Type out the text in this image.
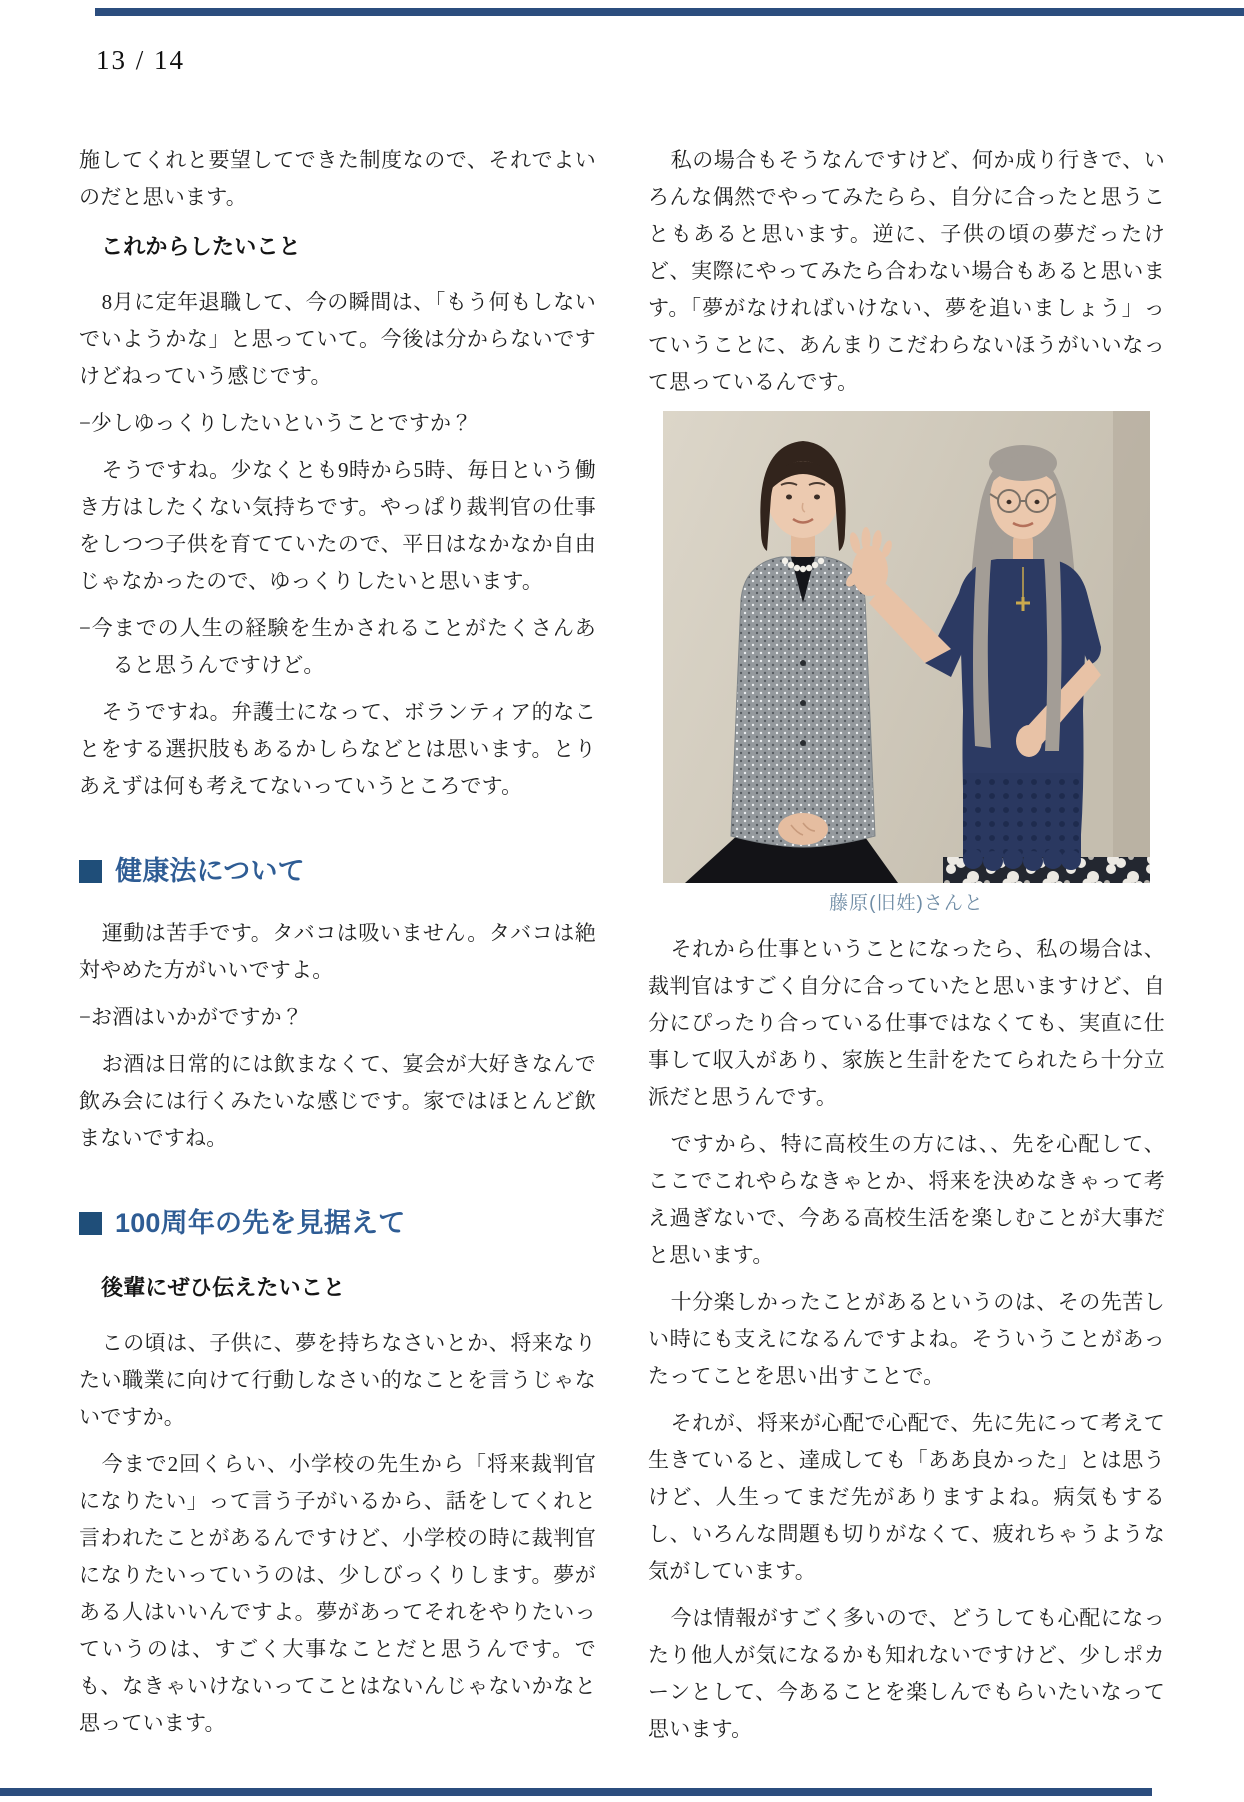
13 / 14

施してくれと要望してできた制度なので、それでよいのだと思います。

これからしたいこと

8月に定年退職して、今の瞬間は、「もう何もしないでいようかな」と思っていて。今後は分からないですけどねっていう感じです。

−少しゆっくりしたいということですか？

そうですね。少なくとも9時から5時、毎日という働き方はしたくない気持ちです。やっぱり裁判官の仕事をしつつ子供を育てていたので、平日はなかなか自由じゃなかったので、ゆっくりしたいと思います。

−今までの人生の経験を生かされることがたくさんあると思うんですけど。

そうですね。弁護士になって、ボランティア的なことをする選択肢もあるかしらなどとは思います。とりあえずは何も考えてないっていうところです。

健康法について

運動は苦手です。タバコは吸いません。タバコは絶対やめた方がいいですよ。

−お酒はいかがですか？

お酒は日常的には飲まなくて、宴会が大好きなんで飲み会には行くみたいな感じです。家ではほとんど飲まないですね。

100周年の先を見据えて
後輩にぜひ伝えたいこと

この頃は、子供に、夢を持ちなさいとか、将来なりたい職業に向けて行動しなさい的なことを言うじゃないですか。

今まで2回くらい、小学校の先生から「将来裁判官になりたい」って言う子がいるから、話をしてくれと言われたことがあるんですけど、小学校の時に裁判官になりたいっていうのは、少しびっくりします。夢がある人はいいんですよ。夢があってそれをやりたいっていうのは、すごく大事なことだと思うんです。でも、なきゃいけないってことはないんじゃないかなと思っています。

私の場合もそうなんですけど、何か成り行きで、いろんな偶然でやってみたらら、自分に合ったと思うこともあると思います。逆に、子供の頃の夢だったけど、実際にやってみたら合わない場合もあると思います。「夢がなければいけない、夢を追いましょう」っていうことに、あんまりこだわらないほうがいいなって思っているんです。

藤原(旧姓)さんと

それから仕事ということになったら、私の場合は、裁判官はすごく自分に合っていたと思いますけど、自分にぴったり合っている仕事ではなくても、実直に仕事して収入があり、家族と生計をたてられたら十分立派だと思うんです。

ですから、特に高校生の方には、、先を心配して、ここでこれやらなきゃとか、将来を決めなきゃって考え過ぎないで、今ある高校生活を楽しむことが大事だと思います。

十分楽しかったことがあるというのは、その先苦しい時にも支えになるんですよね。そういうことがあったってことを思い出すことで。

それが、将来が心配で心配で、先に先にって考えて生きていると、達成しても「ああ良かった」とは思うけど、人生ってまだ先がありますよね。病気もするし、いろんな問題も切りがなくて、疲れちゃうような気がしています。

今は情報がすごく多いので、どうしても心配になったり他人が気になるかも知れないですけど、少しポカーンとして、今あることを楽しんでもらいたいなって思います。
